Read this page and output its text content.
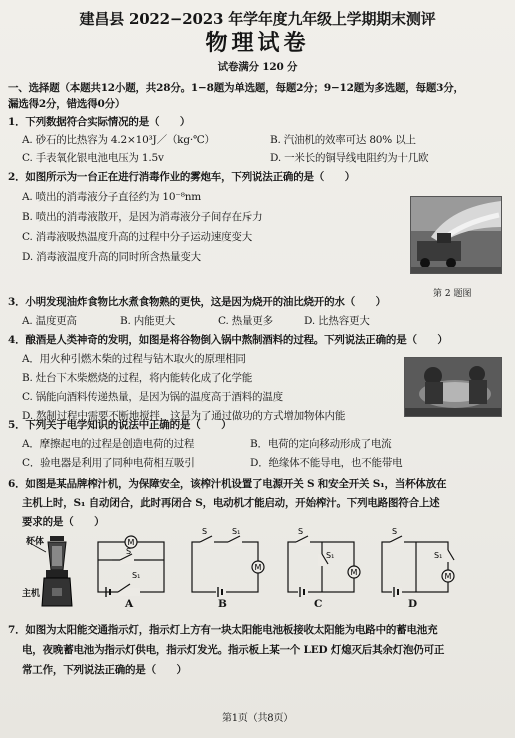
建昌县 2022−2023 年学年度九年级上学期期末测评
物理试卷
试卷满分 120 分
一、选择题（本题共12小题，共28分。1−8题为单选题，每题2分；9−12题为多选题，每题3分，
漏选得2分，错选得0分）
1．下列数据符合实际情况的是（　　）
A. 砂石的比热容为 4.2×10³J／（kg·℃）	B. 汽油机的效率可达 80% 以上
C. 手表氧化银电池电压为 1.5v	D. 一米长的铜导线电阻约为十几欧
2．如图所示为一台正在进行消毒作业的雾炮车，下列说法正确的是（　　）
A. 喷出的消毒液分子直径约为 10⁻⁸nm
B. 喷出的消毒液散开，是因为消毒液分子间存在斥力
C. 消毒液吸热温度升高的过程中分子运动速度变大
D. 消毒液温度升高的同时所含热量变大
第 2 题图
3．小明发现油炸食物比水煮食物熟的更快，这是因为烧开的油比烧开的水（　　）
A. 温度更高	B. 内能更大	C. 热量更多	D. 比热容更大
4．酿酒是人类神奇的发明，如图是将谷物倒入锅中熬制酒料的过程。下列说法正确的是（　　）
A．用火种引燃木柴的过程与钻木取火的原理相同
B. 灶台下木柴燃烧的过程，将内能转化成了化学能
C. 锅能向酒料传递热量，是因为锅的温度高于酒料的温度
D. 熬制过程中需要不断地搅拌，这是为了通过做功的方式增加物体内能
5．下列关于电学知识的说法中正确的是（　　）
A．摩擦起电的过程是创造电荷的过程	B．电荷的定向移动形成了电流
C．验电器是利用了同种电荷相互吸引	D．绝缘体不能导电，也不能带电
6．如图是某品牌榨汁机，为保障安全，该榨汁机设置了电源开关 S 和安全开关 S₁，当杯体放在
主机上时，S₁ 自动闭合，此时再闭合 S，电动机才能启动，开始榨汁。下列电路图符合上述
要求的是（　　）
杯体
主机
M
S
S₁
A
S	S₁
M
B
S
S₁
M
C
S
S₁
M
D
7．如图为太阳能交通指示灯，指示灯上方有一块太阳能电池板接收太阳能为电路中的蓄电池充
电，夜晚蓄电池为指示灯供电，指示灯发光。指示板上某一个 LED 灯熄灭后其余灯泡仍可正
常工作，下列说法正确的是（　　）
第1页（共8页）
